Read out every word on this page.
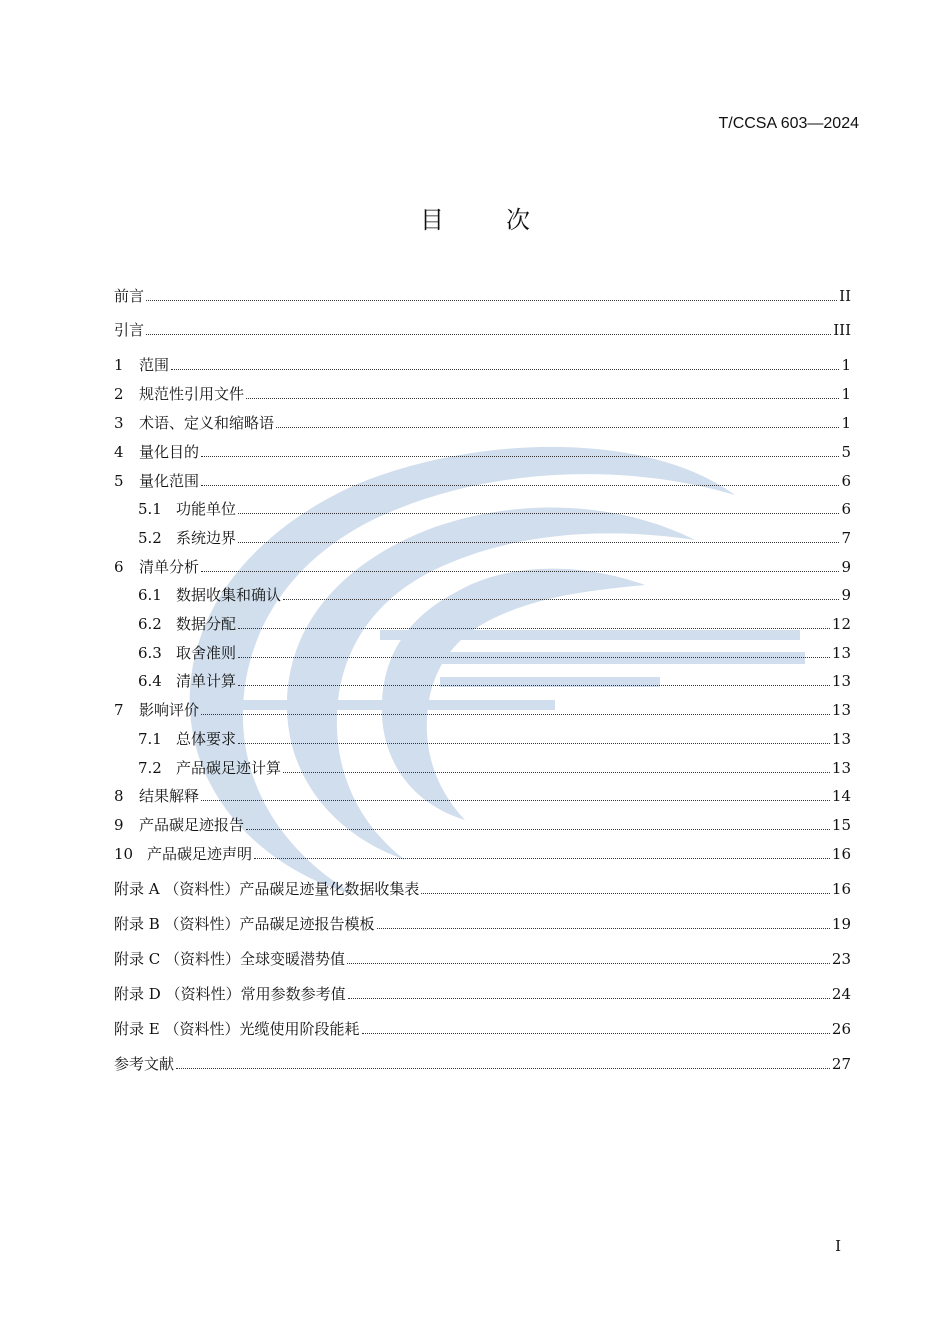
T/CCSA 603—2024
目	次
前言	II
引言	III
1	范围	1
2	规范性引用文件	1
3	术语、定义和缩略语	1
4	量化目的	5
5	量化范围	6
5.1 功能单位	6
5.2 系统边界	7
6	清单分析	9
6.1 数据收集和确认	9
6.2 数据分配	12
6.3 取舍准则	13
6.4 清单计算	13
7	影响评价	13
7.1 总体要求	13
7.2 产品碳足迹计算	13
8	结果解释	14
9	产品碳足迹报告	15
10 产品碳足迹声明	16
附录 A （资料性）产品碳足迹量化数据收集表	16
附录 B （资料性）产品碳足迹报告模板	19
附录 C （资料性）全球变暖潜势值	23
附录 D （资料性）常用参数参考值	24
附录 E （资料性）光缆使用阶段能耗	26
参考文献	27
I
